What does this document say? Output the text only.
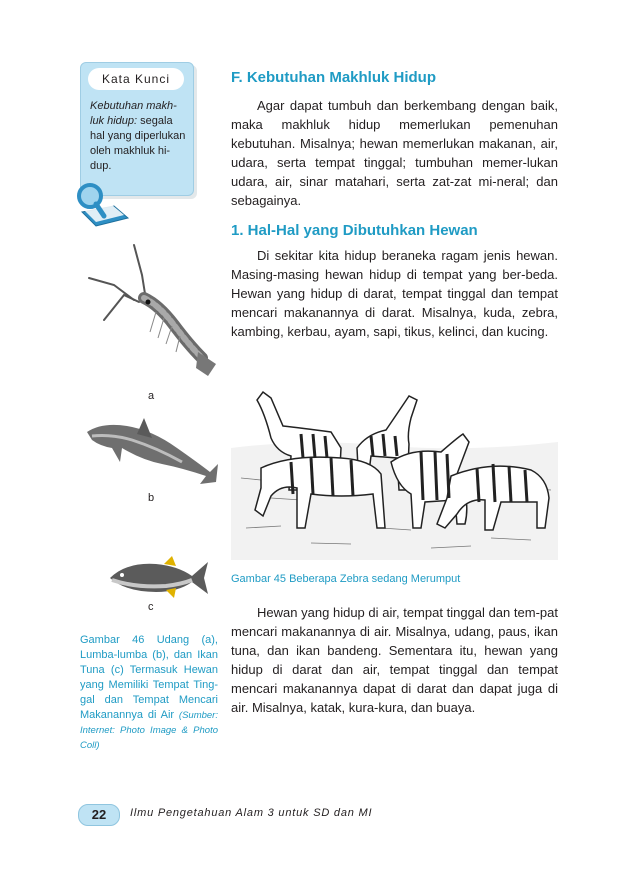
Kata Kunci
Kebutuhan makh-luk hidup: segala hal yang diperlukan oleh makhluk hi-dup.
a
b
c
Gambar 46 Udang (a), Lumba-lumba (b), dan Ikan Tuna (c) Termasuk Hewan yang Memiliki Tempat Ting-gal dan Tempat Mencari Makanannya di Air (Sumber: Internet: Photo Image & Photo Coll)
F. Kebutuhan Makhluk Hidup
Agar dapat tumbuh dan berkembang dengan baik, maka makhluk hidup memerlukan pemenuhan kebutuhan. Misalnya; hewan memerlukan makanan, air, udara, serta tempat tinggal; tumbuhan memer-lukan udara, air, sinar matahari, serta zat-zat mi-neral; dan sebagainya.
1. Hal-Hal yang Dibutuhkan Hewan
Di sekitar kita hidup beraneka ragam jenis hewan. Masing-masing hewan hidup di tempat yang ber-beda. Hewan yang hidup di darat, tempat tinggal dan tempat mencari makanannya di darat. Misalnya, kuda, zebra, kambing, kerbau, ayam, sapi, tikus, kelinci, dan kucing.
Gambar 45 Beberapa Zebra sedang Merumput
Hewan yang hidup di air, tempat tinggal dan tem-pat mencari makanannya di air. Misalnya, udang, paus, ikan tuna, dan ikan bandeng. Sementara itu, hewan yang hidup di darat dan air, tempat tinggal dan tempat mencari makanannya dapat di darat dan dapat juga di air. Misalnya, katak, kura-kura, dan buaya.
22	Ilmu Pengetahuan Alam 3 untuk SD dan MI
